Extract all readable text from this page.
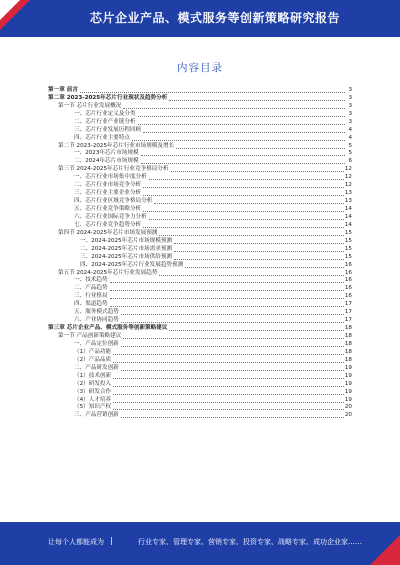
芯片企业产品、模式服务等创新策略研究报告
内容目录
第一章 前言	3
第二章 2023-2025年芯片行业现状及趋势分析	3
第一节 芯片行业发展概况	3
一、芯片行业定义及分类	3
二、芯片行业产业链分析	3
三、芯片行业发展历程回顾	4
四、芯片行业主要特点	4
第二节 2023-2025年芯片行业市场规模及增长	5
一、2023年芯片市场规模	5
二、2024年芯片市场规模	6
第三节 2024-2025年芯片行业竞争格局分析	12
一、芯片行业市场集中度分析	12
二、芯片行业市场竞争分析	12
三、芯片行业主要企业分析	13
四、芯片行业区域竞争格局分析	13
五、芯片行业竞争策略分析	14
六、芯片行业国际竞争力分析	14
七、芯片行业竞争趋势分析	14
第四节 2024-2025年芯片市场发展预测	15
一、2024-2025年芯片市场规模预测	15
二、2024-2025年芯片市场需求预测	15
三、2024-2025年芯片市场供给预测	15
四、2024-2025年芯片行业发展趋势预测	16
第五节 2024-2025年芯片行业发展趋势	16
一、技术趋势	16
二、产品趋势	16
三、行业格局	16
四、渠道趋势	17
五、服务模式趋势	17
六、产业协同趋势	17
第三章 芯片企业产品、模式服务等创新策略建议	18
第一节 产品创新策略建议	18
一、产品定位创新	18
（1）产品功能	18
（2）产品品质	18
二、产品研发创新	19
（1）技术创新	19
（2）研发投入	19
（3）研发合作	19
（4）人才培养	19
（5）知识产权	20
三、产品营销创新	20
让每个人都能成为 |	行业专家、管理专家、营销专家、投资专家、战略专家、成功企业家……
